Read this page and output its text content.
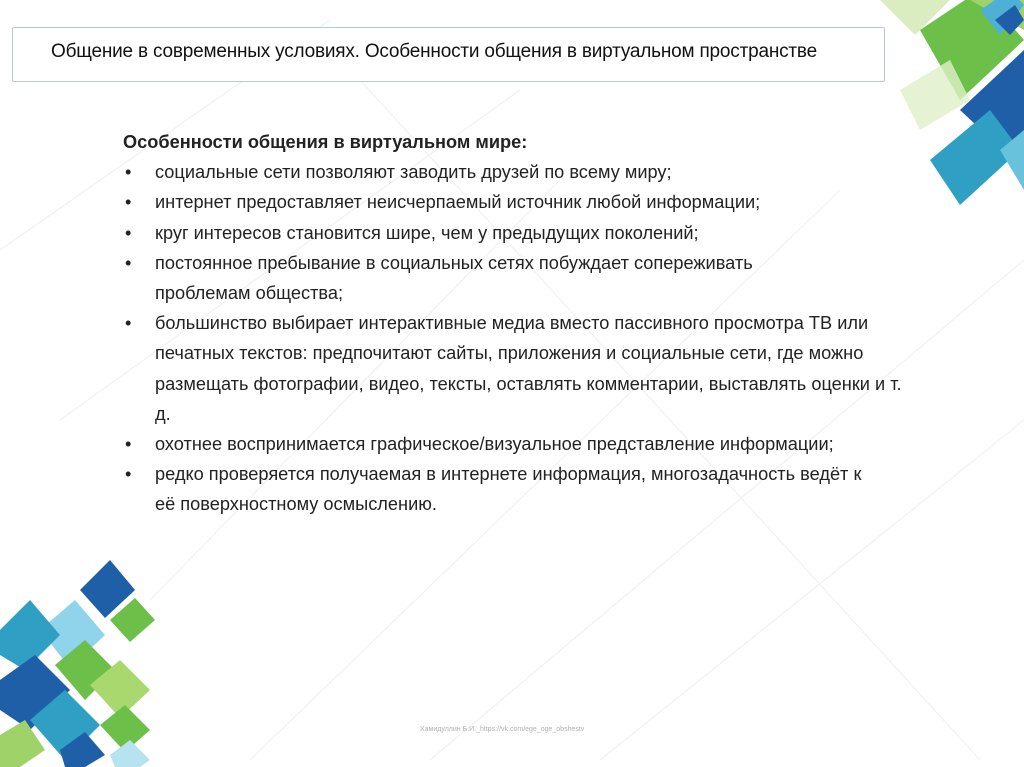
Общение в современных условиях. Особенности общения в виртуальном пространстве

Особенности общения в виртуальном мире:

• социальные сети позволяют заводить друзей по всему миру;
• интернет предоставляет неисчерпаемый источник любой информации;
• круг интересов становится шире, чем у предыдущих поколений;
• постоянное пребывание в социальных сетях побуждает сопереживать проблемам общества;
• большинство выбирает интерактивные медиа вместо пассивного просмотра ТВ или печатных текстов: предпочитают сайты, приложения и социальные сети, где можно размещать фотографии, видео, тексты, оставлять комментарии, выставлять оценки и т. д.
• охотнее воспринимается графическое/визуальное представление информации;
• редко проверяется получаемая в интернете информация, многозадачность ведёт к её поверхностному осмыслению.
Хамидуллин Б.И._https://vk.com/ege_oge_obshestv
